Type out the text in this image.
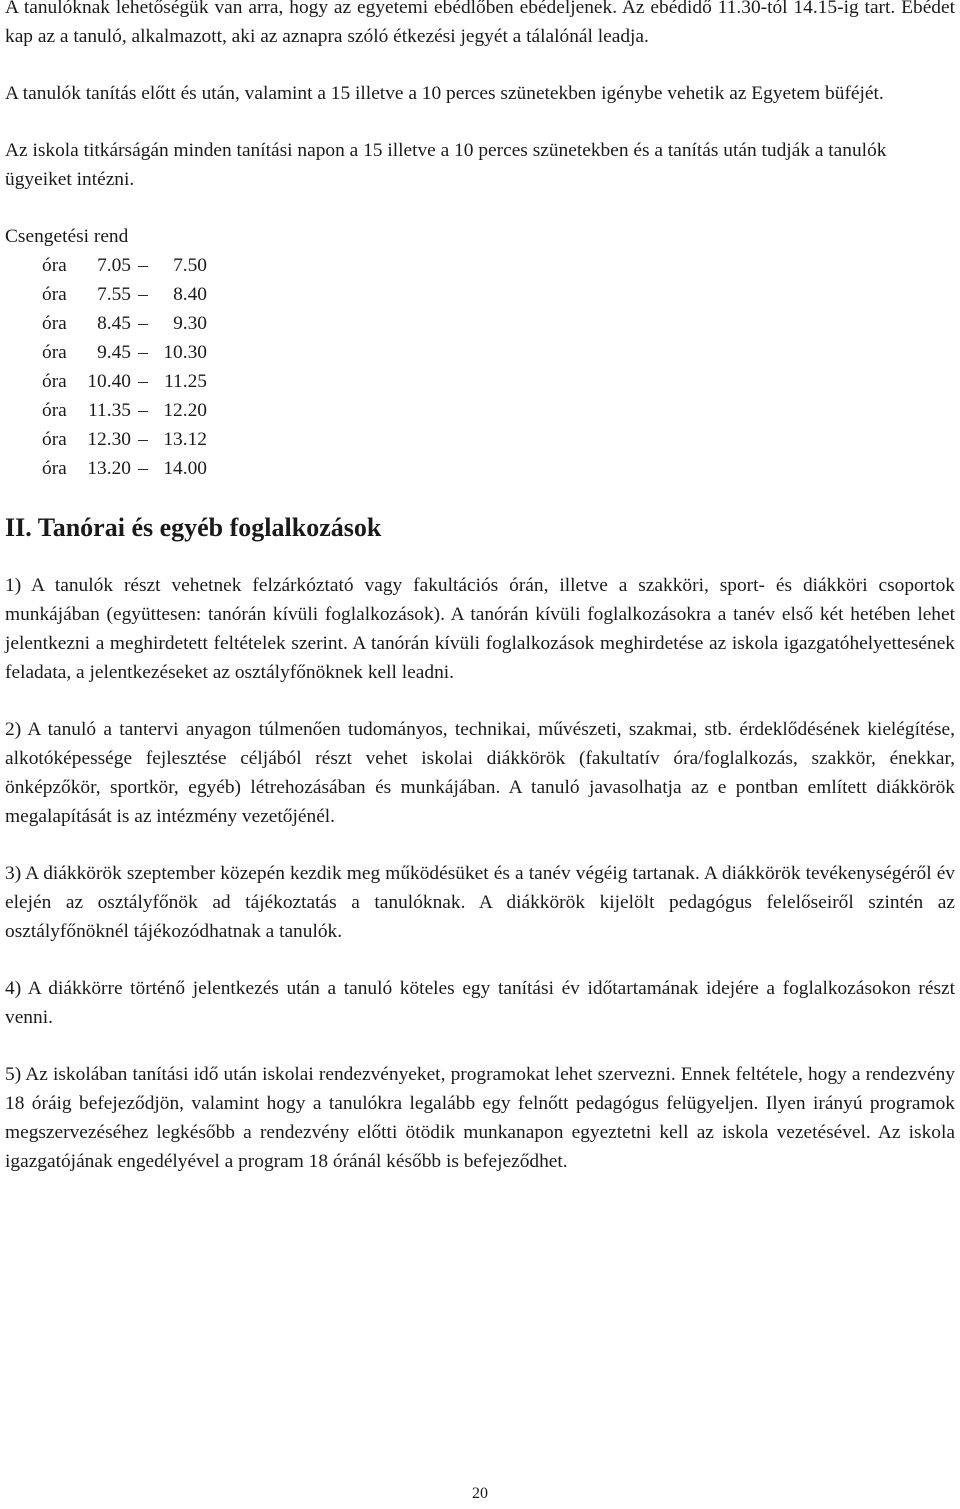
A tanulóknak lehetőségük van arra, hogy az egyetemi ebédlőben ebédeljenek. Az ebédidő 11.30-tól 14.15-ig tart. Ebédet kap az a tanuló, alkalmazott, aki az aznapra szóló étkezési jegyét a tálalónál leadja.

A tanulók tanítás előtt és után, valamint a 15 illetve a 10 perces szünetekben igénybe vehetik az Egyetem büféjét.

Az iskola titkárságán minden tanítási napon a 15 illetve a 10 perces szünetekben és a tanítás után tudják a tanulók ügyeiket intézni.

Csengetési rend

óra	7.05 –	7.50
óra	7.55 –	8.40
óra	8.45 –	9.30
óra	9.45 – 10.30
óra	10.40 – 11.25
óra	11.35 – 12.20
óra	12.30 – 13.12
óra	13.20 – 14.00
II. Tanórai és egyéb foglalkozások

1) A tanulók részt vehetnek felzárkóztató vagy fakultációs órán, illetve a szakköri, sport- és diákköri csoportok munkájában (együttesen: tanórán kívüli foglalkozások). A tanórán kívüli foglalkozásokra a tanév első két hetében lehet jelentkezni a meghirdetett feltételek szerint. A tanórán kívüli foglalkozások meghirdetése az iskola igazgatóhelyettesének feladata, a jelentkezéseket az osztályfőnöknek kell leadni.

2) A tanuló a tantervi anyagon túlmenően tudományos, technikai, művészeti, szakmai, stb. érdeklődésének kielégítése, alkotóképessége fejlesztése céljából részt vehet iskolai diákkörök (fakultatív óra/foglalkozás, szakkör, énekkar, önképzőkör, sportkör, egyéb) létrehozásában és munkájában. A tanuló javasolhatja az e pontban említett diákkörök megalapítását is az intézmény vezetőjénél.

3) A diákkörök szeptember közepén kezdik meg működésüket és a tanév végéig tartanak. A diákkörök tevékenységéről év elején az osztályfőnök ad tájékoztatás a tanulóknak. A diákkörök kijelölt pedagógus felelőseiről szintén az osztályfőnöknél tájékozódhatnak a tanulók.

4) A diákkörre történő jelentkezés után a tanuló köteles egy tanítási év időtartamának idejére a foglalkozásokon részt venni.

5) Az iskolában tanítási idő után iskolai rendezvényeket, programokat lehet szervezni. Ennek feltétele, hogy a rendezvény 18 óráig befejeződjön, valamint hogy a tanulókra legalább egy felnőtt pedagógus felügyeljen. Ilyen irányú programok megszervezéséhez legkésőbb a rendezvény előtti ötödik munkanapon egyeztetni kell az iskola vezetésével. Az iskola igazgatójának engedélyével a program 18 óránál később is befejeződhet.

20
